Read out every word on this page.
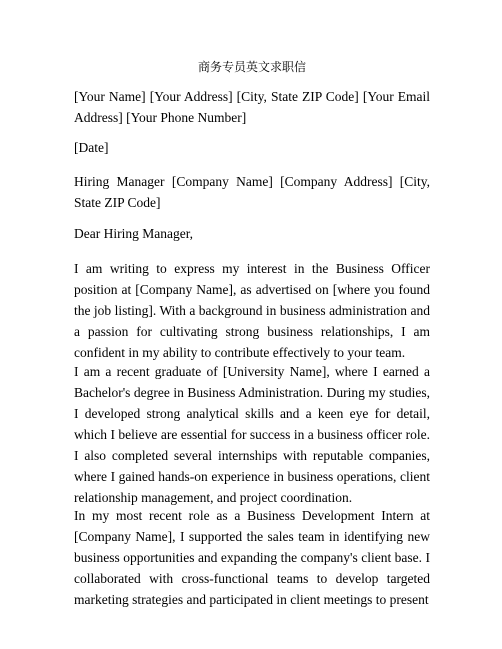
商务专员英文求职信

[Your Name] [Your Address] [City, State ZIP Code] [Your Email Address] [Your Phone Number]

[Date]

Hiring Manager [Company Name] [Company Address] [City, State ZIP Code]

Dear Hiring Manager,

I am writing to express my interest in the Business Officer position at [Company Name], as advertised on [where you found the job listing]. With a background in business administration and a passion for cultivating strong business relationships, I am confident in my ability to contribute effectively to your team.

I am a recent graduate of [University Name], where I earned a Bachelor's degree in Business Administration. During my studies, I developed strong analytical skills and a keen eye for detail, which I believe are essential for success in a business officer role. I also completed several internships with reputable companies, where I gained hands-on experience in business operations, client relationship management, and project coordination.

In my most recent role as a Business Development Intern at [Company Name], I supported the sales team in identifying new business opportunities and expanding the company's client base. I collaborated with cross-functional teams to develop targeted marketing strategies and participated in client meetings to present
